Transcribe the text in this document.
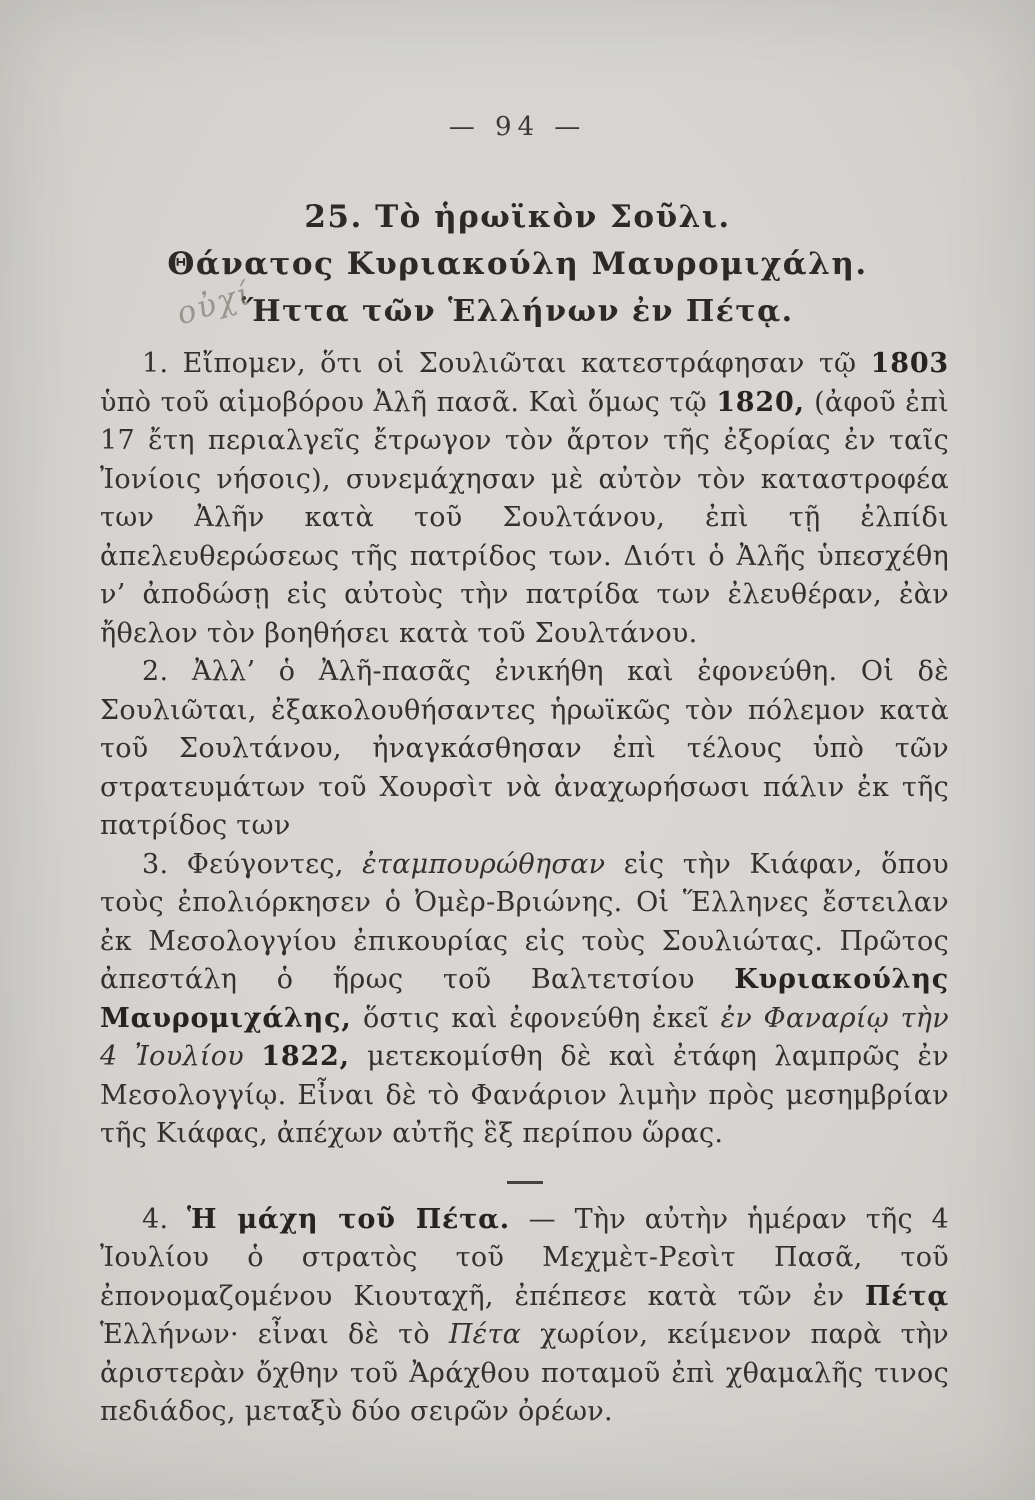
— 94 —
25. Τὸ ἡρωϊκὸν Σοῦλι.
Θάνατος Κυριακούλη Μαυρομιχάλη.
Ἥττα τῶν Ἑλλήνων ἐν Πέτᾳ.
οὐχί

1. Εἴπομεν, ὅτι οἱ Σουλιῶται κατεστράφησαν τῷ 1803 ὑπὸ τοῦ αἱμοβόρου Ἀλῆ πασᾶ. Καὶ ὅμως τῷ 1820, (ἀφοῦ ἐπὶ 17 ἔτη περιαλγεῖς ἔτρωγον τὸν ἄρτον τῆς ἐξορίας ἐν ταῖς Ἰονίοις νήσοις), συνεμάχησαν μὲ αὐτὸν τὸν καταστροφέα των Ἀλῆν κατὰ τοῦ Σουλτάνου, ἐπὶ τῇ ἐλπίδι ἀπελευθερώσεως τῆς πατρίδος των. Διότι ὁ Ἀλῆς ὑπεσχέθη ν’ ἀποδώσῃ εἰς αὐτοὺς τὴν πατρίδα των ἐλευθέραν, ἐὰν ἤθελον τὸν βοηθήσει κατὰ τοῦ Σουλτάνου.

2. Ἀλλ’ ὁ Ἀλῆ-πασᾶς ἐνικήθη καὶ ἐφονεύθη. Οἱ δὲ Σουλιῶται, ἐξακολουθήσαντες ἡρωϊκῶς τὸν πόλεμον κατὰ τοῦ Σουλτάνου, ἠναγκάσθησαν ἐπὶ τέλους ὑπὸ τῶν στρατευμάτων τοῦ Χουρσὶτ νὰ ἀναχωρήσωσι πάλιν ἐκ τῆς πατρίδος των

3. Φεύγοντες, ἐταμπουρώθησαν εἰς τὴν Κιάφαν, ὅπου τοὺς ἐπολιόρκησεν ὁ Ὀμὲρ-Βριώνης. Οἱ Ἕλληνες ἔστειλαν ἐκ Μεσολογγίου ἐπικουρίας εἰς τοὺς Σουλιώτας. Πρῶτος ἀπεστάλη ὁ ἥρως τοῦ Βαλτετσίου Κυριακούλης Μαυρομιχάλης, ὅστις καὶ ἐφονεύθη ἐκεῖ ἐν Φαναρίῳ τὴν 4 Ἰουλίου 1822, μετεκομίσθη δὲ καὶ ἐτάφη λαμπρῶς ἐν Μεσολογγίῳ. Εἶναι δὲ τὸ Φανάριον λιμὴν πρὸς μεσημβρίαν τῆς Κιάφας, ἀπέχων αὐτῆς ἓξ περίπου ὥρας.

4. Ἡ μάχη τοῦ Πέτα. — Τὴν αὐτὴν ἡμέραν τῆς 4 Ἰουλίου ὁ στρατὸς τοῦ Μεχμὲτ-Ρεσὶτ Πασᾶ, τοῦ ἐπονομαζομένου Κιουταχῆ, ἐπέπεσε κατὰ τῶν ἐν Πέτᾳ Ἑλλήνων· εἶναι δὲ τὸ Πέτα χωρίον, κείμενον παρὰ τὴν ἀριστερὰν ὄχθην τοῦ Ἀράχθου ποταμοῦ ἐπὶ χθαμαλῆς τινος πεδιάδος, μεταξὺ δύο σειρῶν ὀρέων.
